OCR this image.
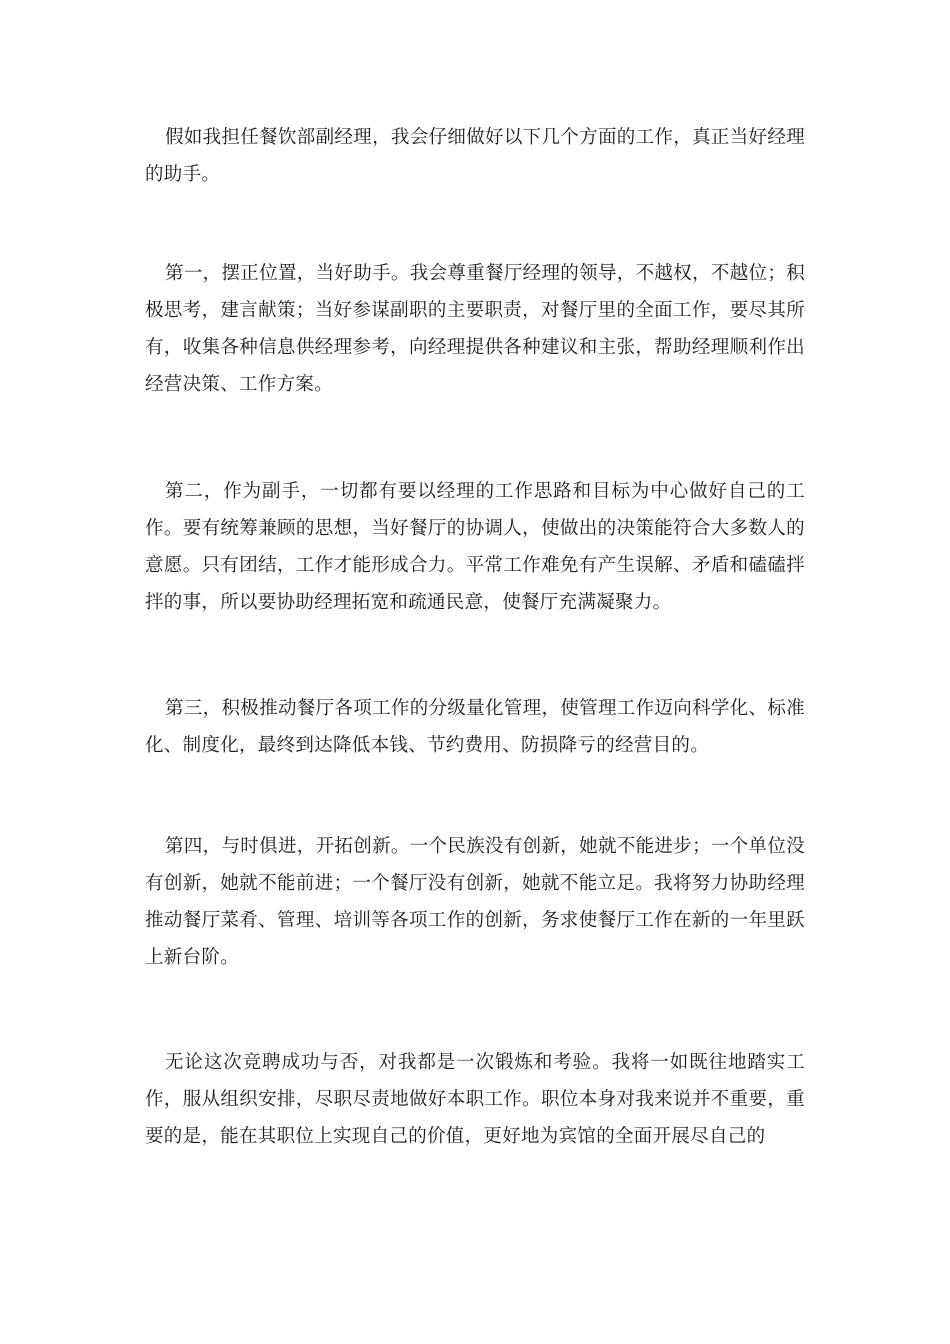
假如我担任餐饮部副经理，我会仔细做好以下几个方面的工作，真正当好经理的助手。

第一，摆正位置，当好助手。我会尊重餐厅经理的领导，不越权，不越位；积极思考，建言献策；当好参谋副职的主要职责，对餐厅里的全面工作，要尽其所有，收集各种信息供经理参考，向经理提供各种建议和主张，帮助经理顺利作出经营决策、工作方案。

第二，作为副手，一切都有要以经理的工作思路和目标为中心做好自己的工作。要有统筹兼顾的思想，当好餐厅的协调人，使做出的决策能符合大多数人的意愿。只有团结，工作才能形成合力。平常工作难免有产生误解、矛盾和磕磕拌拌的事，所以要协助经理拓宽和疏通民意，使餐厅充满凝聚力。

第三，积极推动餐厅各项工作的分级量化管理，使管理工作迈向科学化、标准化、制度化，最终到达降低本钱、节约费用、防损降亏的经营目的。

第四，与时俱进，开拓创新。一个民族没有创新，她就不能进步；一个单位没有创新，她就不能前进；一个餐厅没有创新，她就不能立足。我将努力协助经理推动餐厅菜肴、管理、培训等各项工作的创新，务求使餐厅工作在新的一年里跃上新台阶。

无论这次竞聘成功与否，对我都是一次锻炼和考验。我将一如既往地踏实工作，服从组织安排，尽职尽责地做好本职工作。职位本身对我来说并不重要，重要的是，能在其职位上实现自己的价值，更好地为宾馆的全面开展尽自己的
